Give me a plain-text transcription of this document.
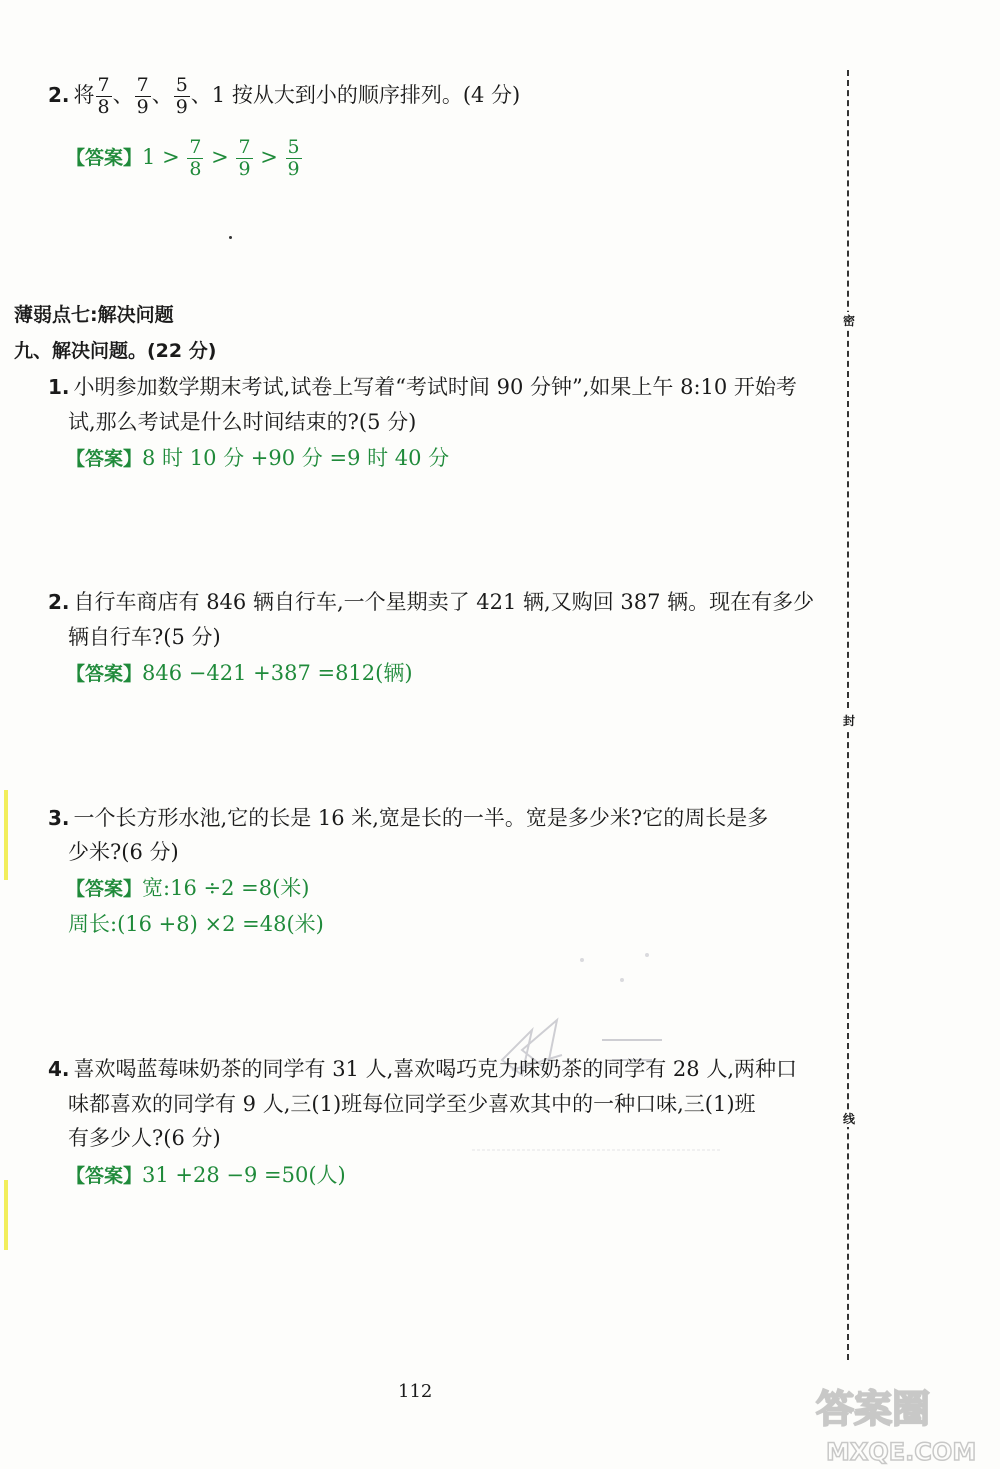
密
封
线
2. 将 $\frac{7}{8}$ 、 $\frac{7}{9}$ 、 $\frac{5}{9}$ 、1 按从大到小的顺序排列。(4 分)
【答案】$1 > \frac{7}{8} > \frac{7}{9} > \frac{5}{9}$
薄弱点七:解决问题
九、解决问题。(22 分)
1. 小明参加数学期末考试,试卷上写着“考试时间 90 分钟”,如果上午 8:10 开始考
试,那么考试是什么时间结束的?(5 分)
【答案】8 时 10 分 +90 分 =9 时 40 分
2. 自行车商店有 846 辆自行车,一个星期卖了 421 辆,又购回 387 辆。现在有多少
辆自行车?(5 分)
【答案】846 −421 +387 =812(辆)
3. 一个长方形水池,它的长是 16 米,宽是长的一半。宽是多少米?它的周长是多
少米?(6 分)
【答案】宽:16 ÷2 =8(米)
周长:(16 +8) ×2 =48(米)
4. 喜欢喝蓝莓味奶茶的同学有 31 人,喜欢喝巧克力味奶茶的同学有 28 人,两种口
味都喜欢的同学有 9 人,三(1)班每位同学至少喜欢其中的一种口味,三(1)班
有多少人?(6 分)
【答案】31 +28 −9 =50(人)
112	答案圈
MXQE.COM
